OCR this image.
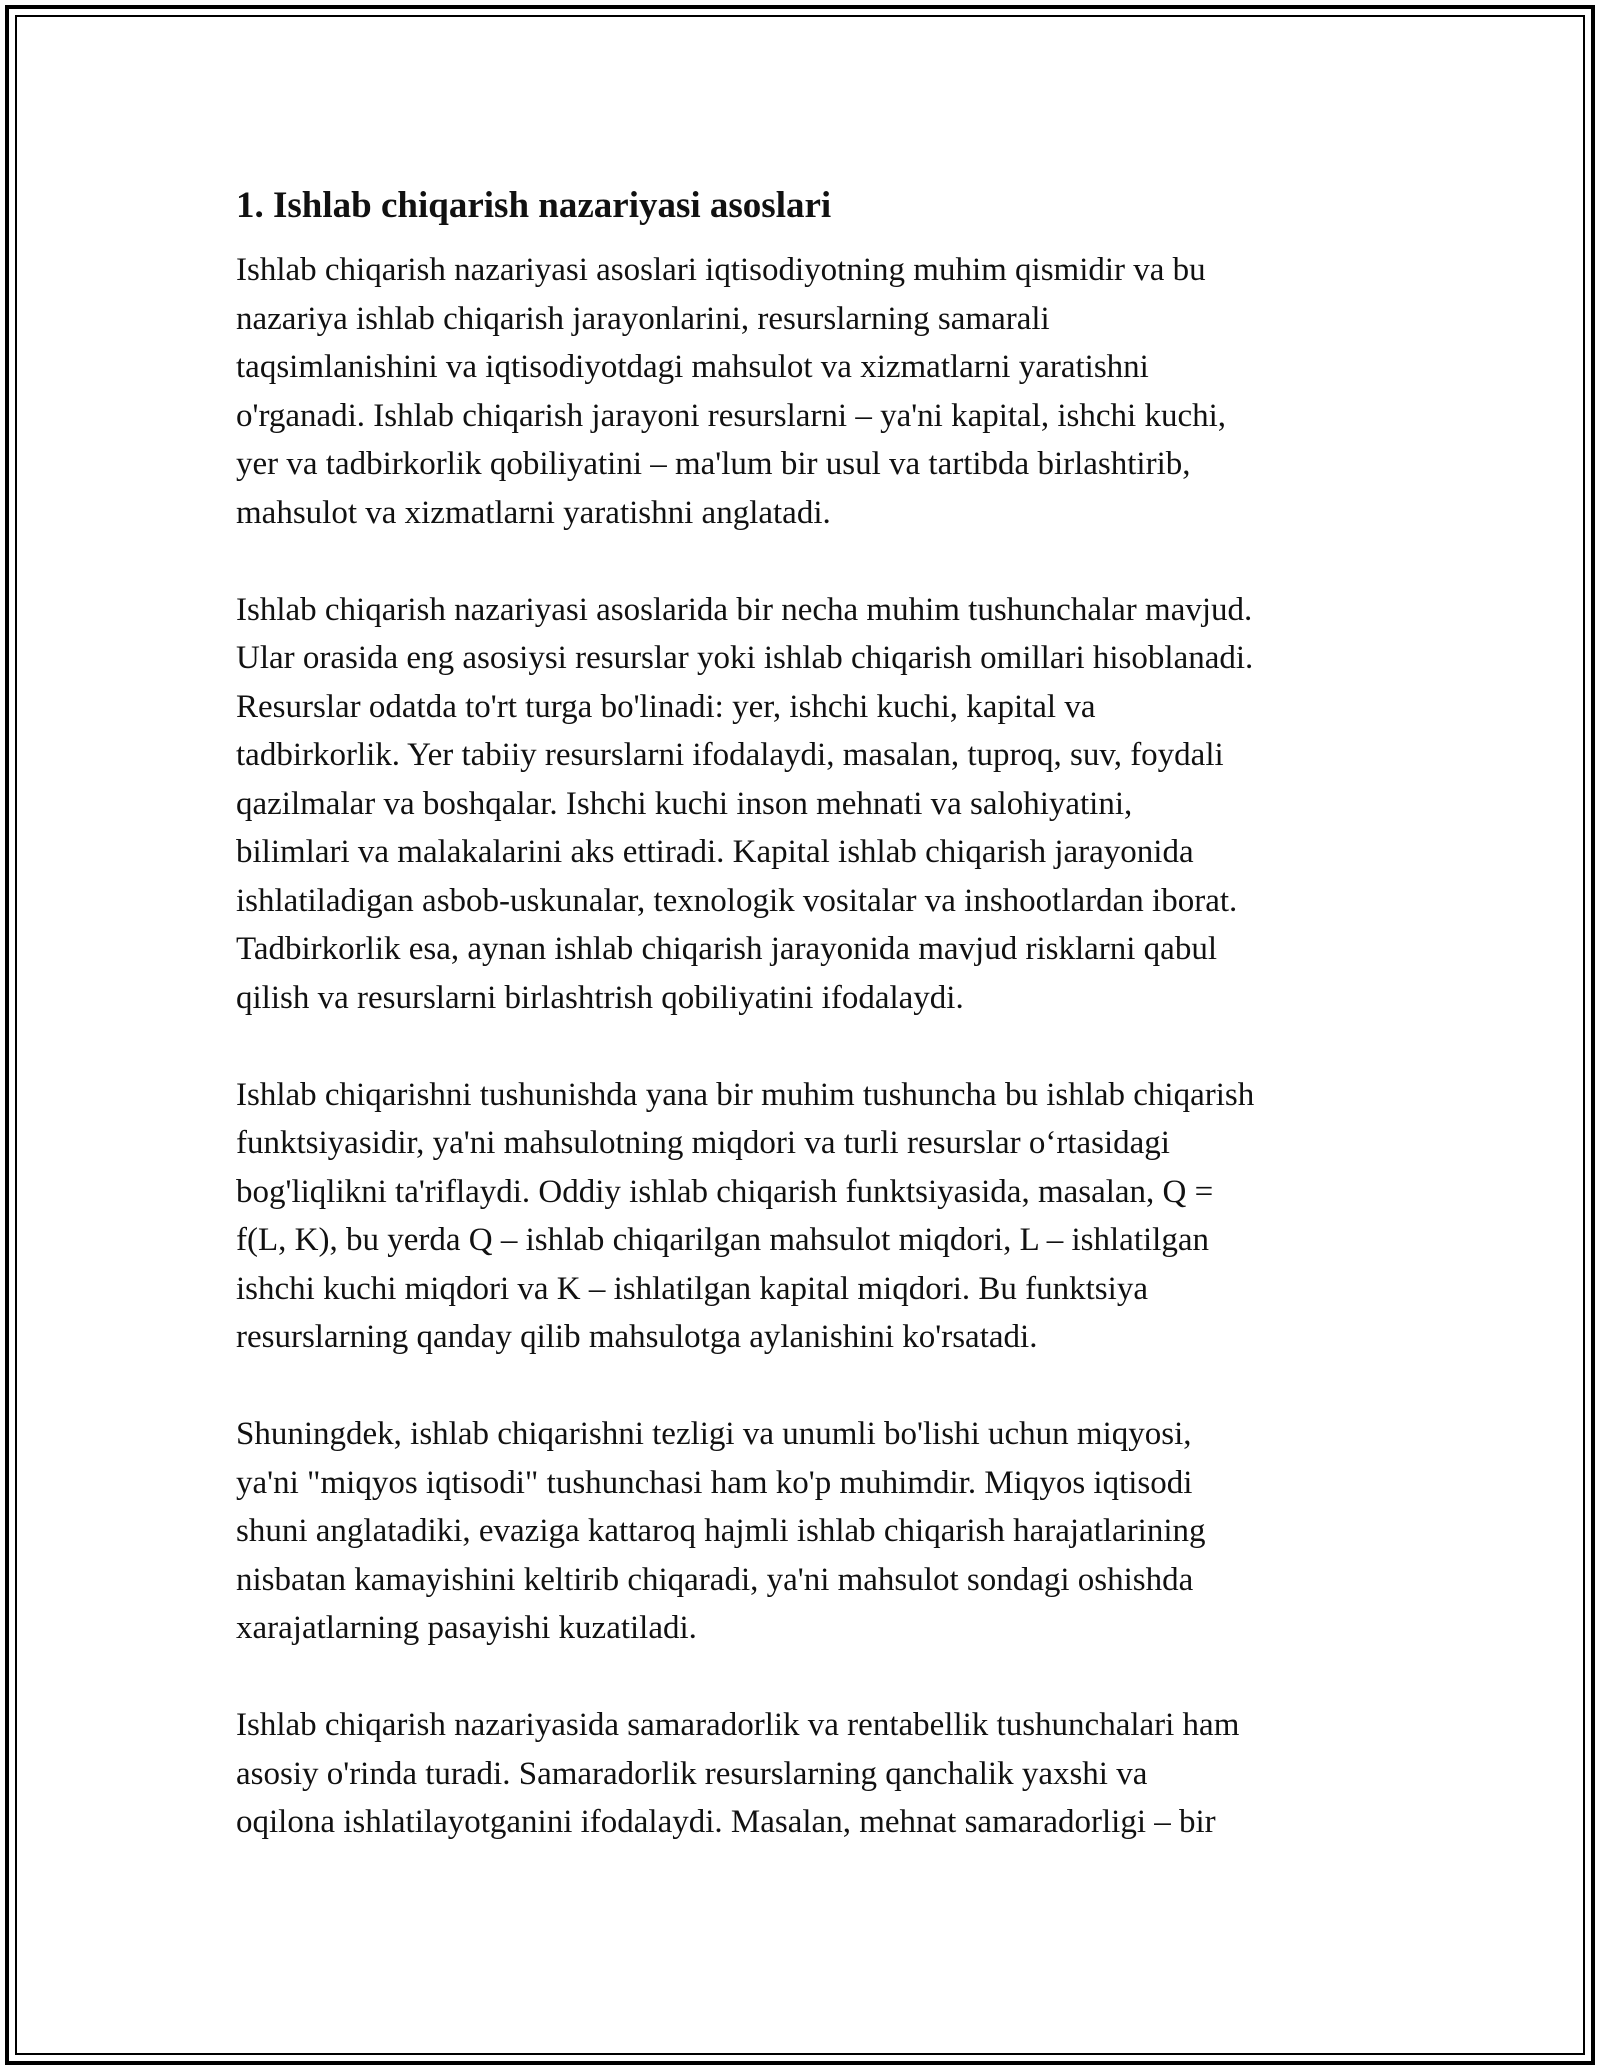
1. Ishlab chiqarish nazariyasi asoslari

Ishlab chiqarish nazariyasi asoslari iqtisodiyotning muhim qismidir va bu
nazariya ishlab chiqarish jarayonlarini, resurslarning samarali
taqsimlanishini va iqtisodiyotdagi mahsulot va xizmatlarni yaratishni
o'rganadi. Ishlab chiqarish jarayoni resurslarni – ya'ni kapital, ishchi kuchi,
yer va tadbirkorlik qobiliyatini – ma'lum bir usul va tartibda birlashtirib,
mahsulot va xizmatlarni yaratishni anglatadi.

Ishlab chiqarish nazariyasi asoslarida bir necha muhim tushunchalar mavjud.
Ular orasida eng asosiysi resurslar yoki ishlab chiqarish omillari hisoblanadi.
Resurslar odatda to'rt turga bo'linadi: yer, ishchi kuchi, kapital va
tadbirkorlik. Yer tabiiy resurslarni ifodalaydi, masalan, tuproq, suv, foydali
qazilmalar va boshqalar. Ishchi kuchi inson mehnati va salohiyatini,
bilimlari va malakalarini aks ettiradi. Kapital ishlab chiqarish jarayonida
ishlatiladigan asbob-uskunalar, texnologik vositalar va inshootlardan iborat.
Tadbirkorlik esa, aynan ishlab chiqarish jarayonida mavjud risklarni qabul
qilish va resurslarni birlashtrish qobiliyatini ifodalaydi.

Ishlab chiqarishni tushunishda yana bir muhim tushuncha bu ishlab chiqarish
funktsiyasidir, ya'ni mahsulotning miqdori va turli resurslar o‘rtasidagi
bog'liqlikni ta'riflaydi. Oddiy ishlab chiqarish funktsiyasida, masalan, Q =
f(L, K), bu yerda Q – ishlab chiqarilgan mahsulot miqdori, L – ishlatilgan
ishchi kuchi miqdori va K – ishlatilgan kapital miqdori. Bu funktsiya
resurslarning qanday qilib mahsulotga aylanishini ko'rsatadi.

Shuningdek, ishlab chiqarishni tezligi va unumli bo'lishi uchun miqyosi,
ya'ni "miqyos iqtisodi" tushunchasi ham ko'p muhimdir. Miqyos iqtisodi
shuni anglatadiki, evaziga kattaroq hajmli ishlab chiqarish harajatlarining
nisbatan kamayishini keltirib chiqaradi, ya'ni mahsulot sondagi oshishda
xarajatlarning pasayishi kuzatiladi.

Ishlab chiqarish nazariyasida samaradorlik va rentabellik tushunchalari ham
asosiy o'rinda turadi. Samaradorlik resurslarning qanchalik yaxshi va
oqilona ishlatilayotganini ifodalaydi. Masalan, mehnat samaradorligi – bir
